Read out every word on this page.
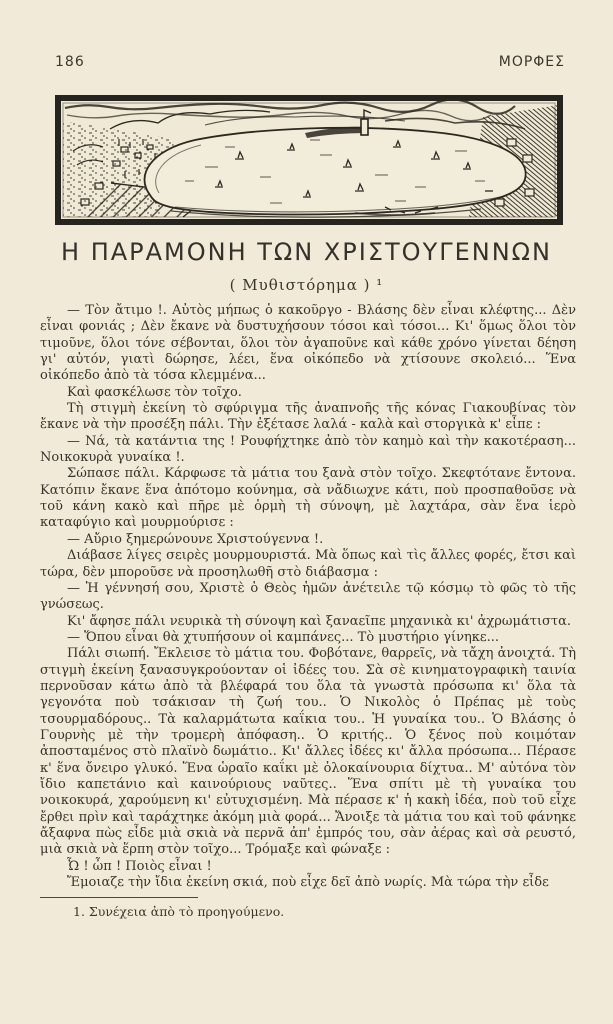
186	ΜΟΡΦΕΣ
Η ΠΑΡΑΜΟΝΗ ΤΩΝ ΧΡΙΣΤΟΥΓΕΝΝΩΝ
( Μυθιστόρημα ) ¹

— Τὸν ἄτιμο !. Αὐτὸς μήπως ὁ κακοῦργο - Βλάσης δὲν εἶναι κλέφτης... Δὲν εἶναι φονιάς ; Δὲν ἔκανε νὰ δυστυχήσουν τόσοι καὶ τόσοι... Κι' ὅμως ὅλοι τὸν τιμοῦνε, ὅλοι τόνε σέβονται, ὅλοι τὸν ἀγαποῦνε καὶ κάθε χρόνο γίνεται δέηση γι' αὐτόν, γιατὶ δώρησε, λέει, ἕνα οἰκόπεδο νὰ χτίσουνε σκολειό... Ἕνα οἰκόπεδο ἀπὸ τὰ τόσα κλεμμένα...

Καὶ φασκέλωσε τὸν τοῖχο.

Τὴ στιγμὴ ἐκείνη τὸ σφύριγμα τῆς ἀναπνοῆς τῆς κόνας Γιακουβίνας τὸν ἔκανε νὰ τὴν προσέξη πάλι. Τὴν ἐξέτασε λαλά - καλὰ καὶ στοργικὰ κ' εἶπε :

— Νά, τὰ κατάντια της ! Ρουφήχτηκε ἀπὸ τὸν καημὸ καὶ τὴν κακοτέραση... Νοικοκυρὰ γυναίκα !.

Σώπασε πάλι. Κάρφωσε τὰ μάτια του ξανὰ στὸν τοῖχο. Σκεφτότανε ἔντονα. Κατόπιν ἔκανε ἕνα ἀπότομο κούνημα, σὰ νἄδιωχνε κάτι, ποὺ προσπαθοῦσε νὰ τοῦ κάνη κακὸ καὶ πῆρε μὲ ὁρμὴ τὴ σύνοψη, μὲ λαχτάρα, σὰν ἕνα ἱερὸ καταφύγιο καὶ μουρμούρισε :

— Αὔριο ξημερώνουνε Χριστούγεννα !.

Διάβασε λίγες σειρὲς μουρμουριστά. Μὰ ὅπως καὶ τὶς ἄλλες φορές, ἔτσι καὶ τώρα, δὲν μποροῦσε νὰ προσηλωθῆ στὸ διάβασμα :

— Ἡ γέννησή σου, Χριστὲ ὁ Θεὸς ἡμῶν ἀνέτειλε τῷ κόσμῳ τὸ φῶς τὸ τῆς γνώσεως.

Κι' ἄφησε πάλι νευρικὰ τὴ σύνοψη καὶ ξαναεῖπε μηχανικὰ κι' ἀχρωμάτιστα.

— Ὅπου εἶναι θὰ χτυπήσουν οἱ καμπάνες... Τὸ μυστήριο γίνηκε...

Πάλι σιωπή. Ἔκλεισε τὸ μάτια του. Φοβότανε, θαρρεῖς, νὰ τἄχη ἀνοιχτά. Τὴ στιγμὴ ἐκείνη ξανασυγκρούονταν οἱ ἰδέες του. Σὰ σὲ κινηματογραφικὴ ταινία περνοῦσαν κάτω ἀπὸ τὰ βλέφαρά του ὅλα τὰ γνωστὰ πρόσωπα κι' ὅλα τὰ γεγονότα ποὺ τσάκισαν τὴ ζωή του.. Ὁ Νικολὸς ὁ Πρέπας μὲ τοὺς τσουρμαδόρους.. Τὰ καλαρμάτωτα καΐκια του.. Ἡ γυναίκα του.. Ὁ Βλάσης ὁ Γουρνὴς μὲ τὴν τρομερὴ ἀπόφαση.. Ὁ κριτής.. Ὁ ξένος ποὺ κοιμόταν ἀποσταμένος στὸ πλαϊνὸ δωμάτιο.. Κι' ἄλλες ἰδέες κι' ἄλλα πρόσωπα... Πέρασε κ' ἕνα ὄνειρο γλυκό. Ἕνα ὡραῖο καΐκι μὲ ὁλοκαίνουρια δίχτυα.. Μ' αὐτόνα τὸν ἴδιο καπετάνιο καὶ καινούριους ναῦτες.. Ἕνα σπίτι μὲ τὴ γυναίκα του νοικοκυρά, χαρούμενη κι' εὐτυχισμένη. Μὰ πέρασε κ' ἡ κακὴ ἰδέα, ποὺ τοῦ εἶχε ἔρθει πρὶν καὶ ταράχτηκε ἀκόμη μιὰ φορά... Ἄνοιξε τὰ μάτια του καὶ τοῦ φάνηκε ἄξαφνα πὼς εἶδε μιὰ σκιὰ νὰ περνᾶ ἀπ' ἐμπρός του, σὰν ἀέρας καὶ σὰ ρευστό, μιὰ σκιὰ νὰ ἕρπη στὸν τοῖχο... Τρόμαξε καὶ φώναξε :

Ὦ ! ὦπ ! Ποιὸς εἶναι !

Ἔμοιαζε τὴν ἴδια ἐκείνη σκιά, ποὺ εἶχε δεῖ ἀπὸ νωρίς. Μὰ τώρα τὴν εἶδε

1. Συνέχεια ἀπὸ τὸ προηγούμενο.
